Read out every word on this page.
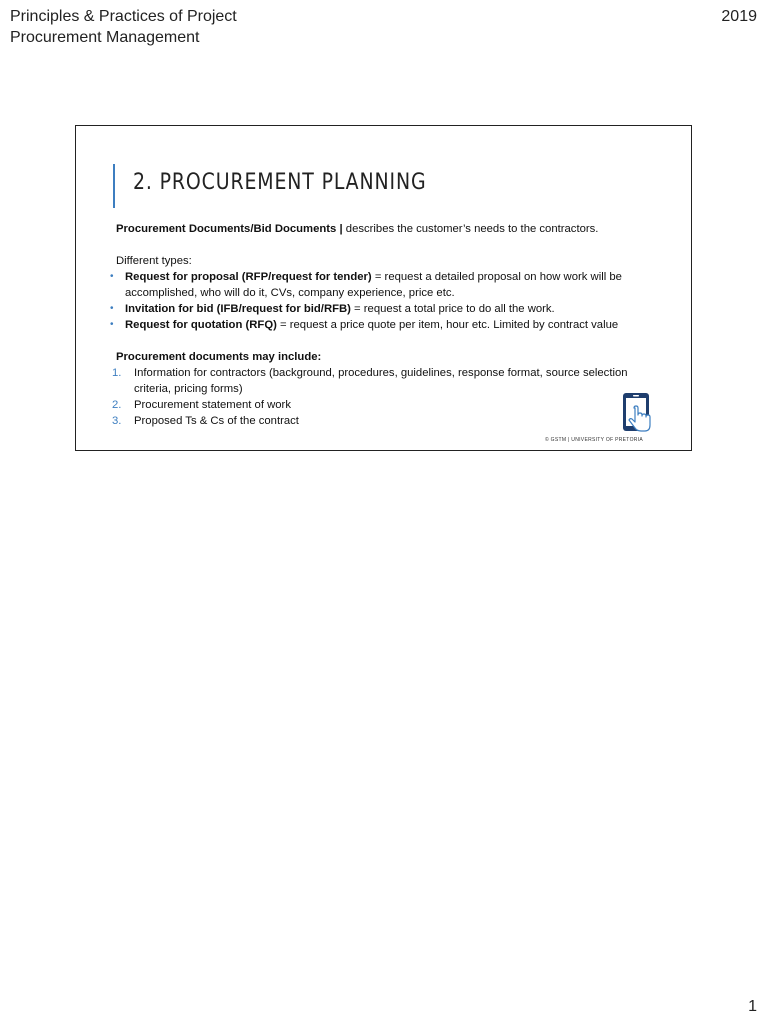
Principles & Practices of Project
Procurement Management
2019
2. PROCUREMENT PLANNING

Procurement Documents/Bid Documents | describes the customer’s needs to the contractors.

Different types:

• Request for proposal (RFP/request for tender) = request a detailed proposal on how work will be accomplished, who will do it, CVs, company experience, price etc.
• Invitation for bid (IFB/request for bid/RFB) = request a total price to do all the work.
• Request for quotation (RFQ) = request a price quote per item, hour etc. Limited by contract value

Procurement documents may include:

1. Information for contractors (background, procedures, guidelines, response format, source selection criteria, pricing forms)
2. Procurement statement of work
3. Proposed Ts & Cs of the contract
© GSTM | UNIVERSITY OF PRETORIA
1
